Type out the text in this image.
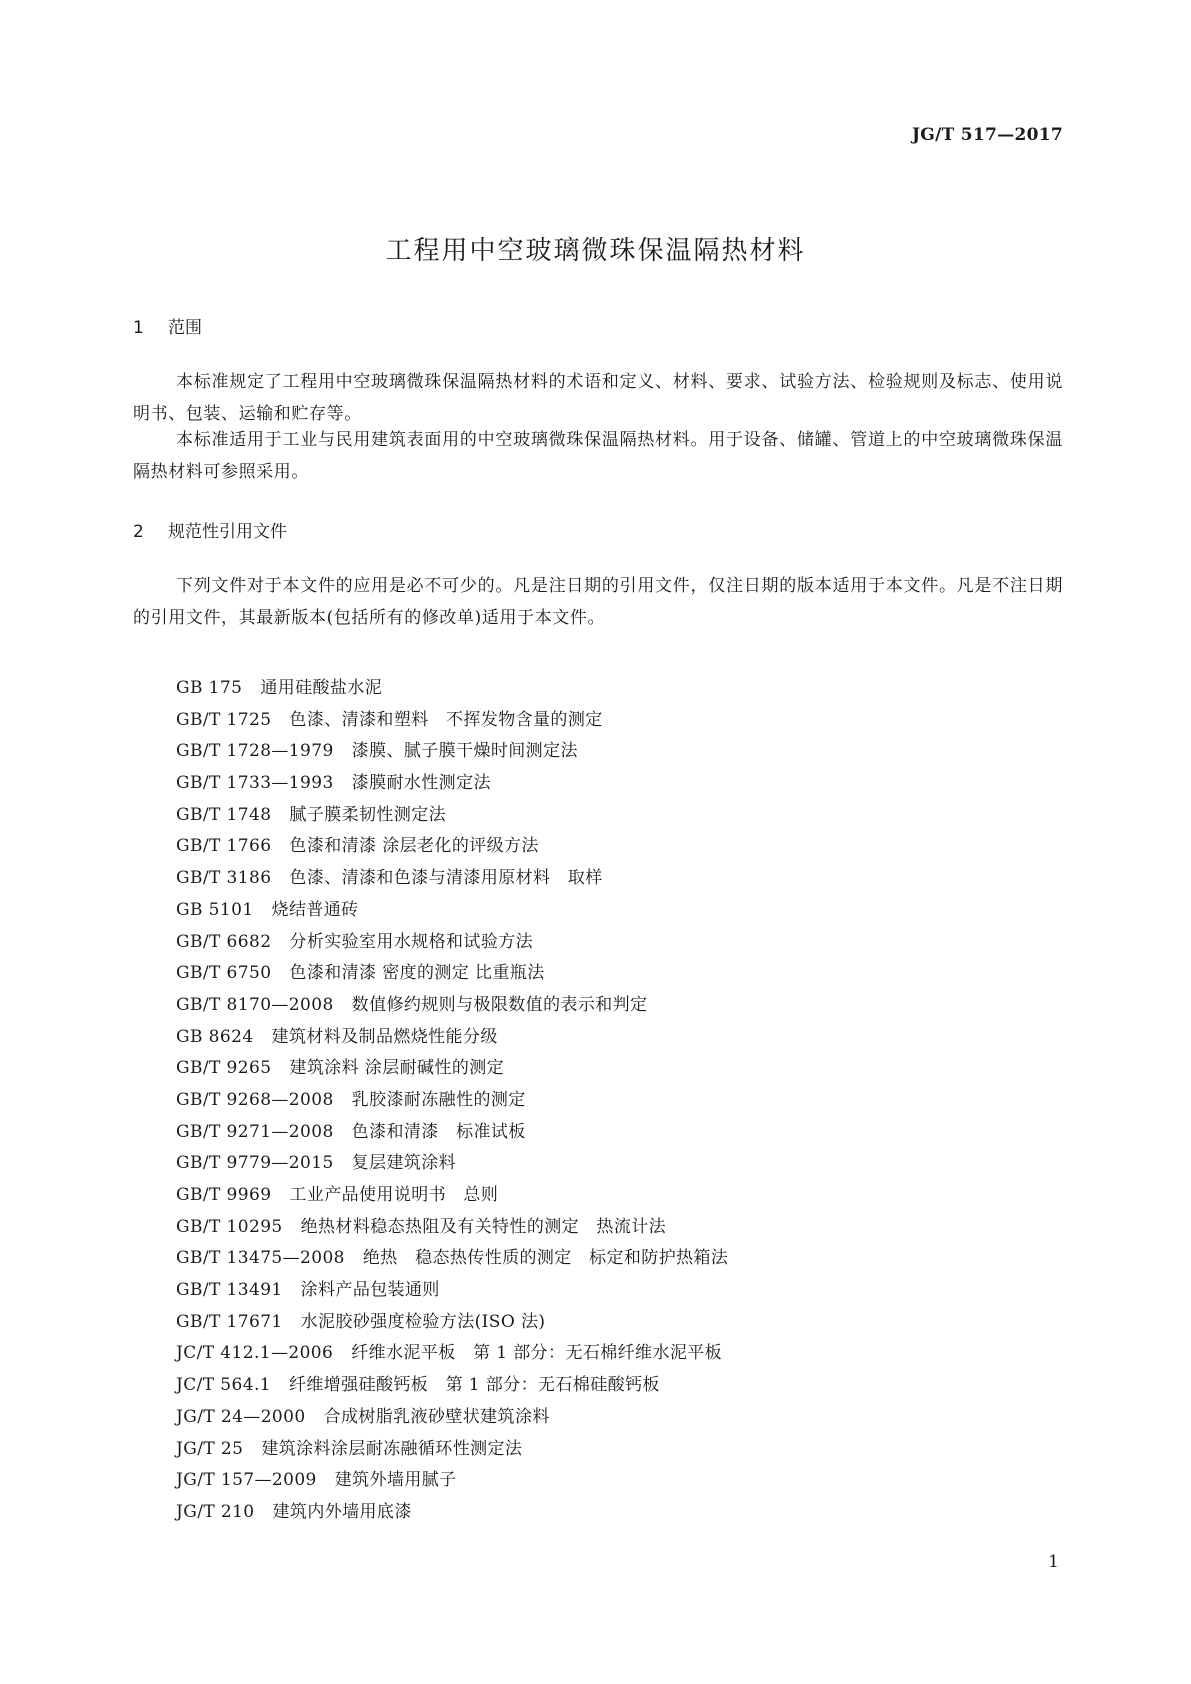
JG/T 517—2017
工程用中空玻璃微珠保温隔热材料
1 范围
本标准规定了工程用中空玻璃微珠保温隔热材料的术语和定义、材料、要求、试验方法、检验规则及标志、使用说明书、包装、运输和贮存等。
本标准适用于工业与民用建筑表面用的中空玻璃微珠保温隔热材料。用于设备、储罐、管道上的中空玻璃微珠保温隔热材料可参照采用。
2 规范性引用文件
下列文件对于本文件的应用是必不可少的。凡是注日期的引用文件，仅注日期的版本适用于本文件。凡是不注日期的引用文件，其最新版本(包括所有的修改单)适用于本文件。
GB 175 通用硅酸盐水泥
GB/T 1725 色漆、清漆和塑料　不挥发物含量的测定
GB/T 1728—1979 漆膜、腻子膜干燥时间测定法
GB/T 1733—1993 漆膜耐水性测定法
GB/T 1748 腻子膜柔韧性测定法
GB/T 1766 色漆和清漆 涂层老化的评级方法
GB/T 3186 色漆、清漆和色漆与清漆用原材料　取样
GB 5101 烧结普通砖
GB/T 6682 分析实验室用水规格和试验方法
GB/T 6750 色漆和清漆 密度的测定 比重瓶法
GB/T 8170—2008 数值修约规则与极限数值的表示和判定
GB 8624 建筑材料及制品燃烧性能分级
GB/T 9265 建筑涂料 涂层耐碱性的测定
GB/T 9268—2008 乳胶漆耐冻融性的测定
GB/T 9271—2008 色漆和清漆　标准试板
GB/T 9779—2015 复层建筑涂料
GB/T 9969 工业产品使用说明书　总则
GB/T 10295 绝热材料稳态热阻及有关特性的测定　热流计法
GB/T 13475—2008 绝热　稳态热传性质的测定　标定和防护热箱法
GB/T 13491 涂料产品包装通则
GB/T 17671 水泥胶砂强度检验方法(ISO 法)
JC/T 412.1—2006 纤维水泥平板　第 1 部分：无石棉纤维水泥平板
JC/T 564.1 纤维增强硅酸钙板　第 1 部分：无石棉硅酸钙板
JG/T 24—2000 合成树脂乳液砂壁状建筑涂料
JG/T 25 建筑涂料涂层耐冻融循环性测定法
JG/T 157—2009 建筑外墙用腻子
JG/T 210 建筑内外墙用底漆
1
